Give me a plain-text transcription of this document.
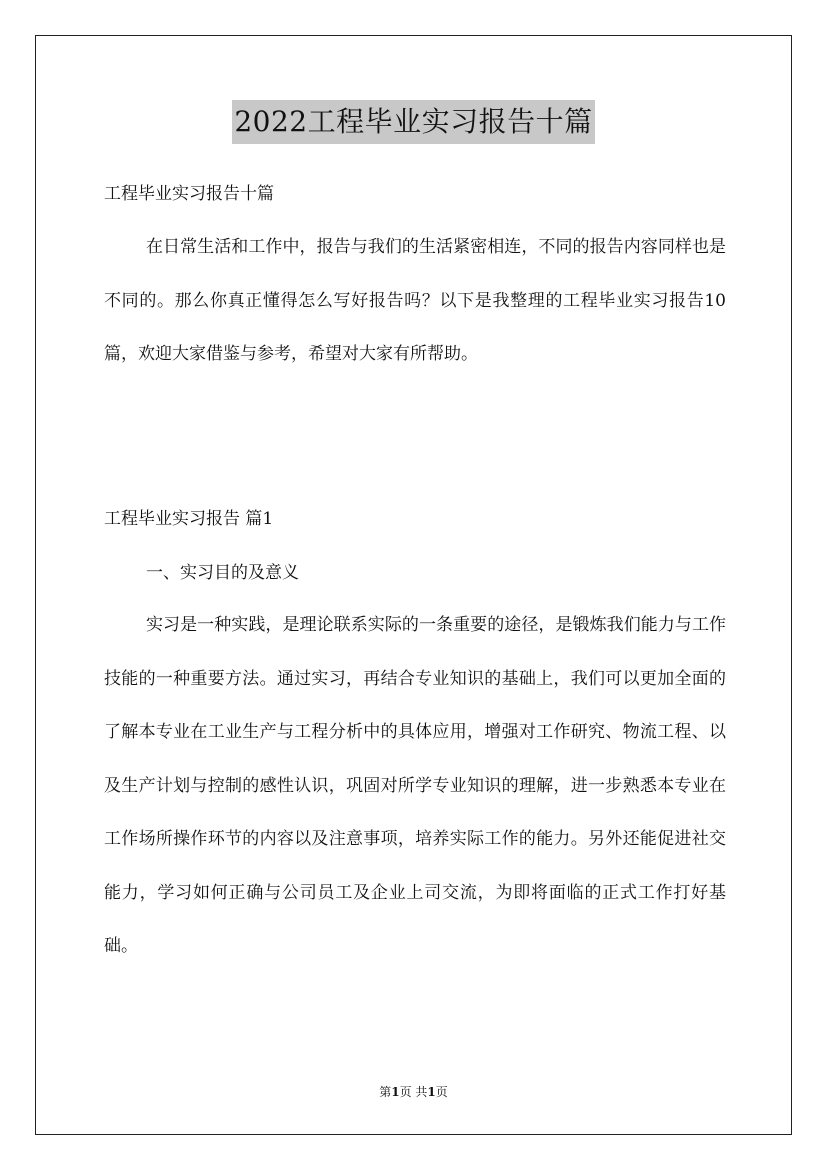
2022工程毕业实习报告十篇
工程毕业实习报告十篇

在日常生活和工作中，报告与我们的生活紧密相连，不同的报告内容同样也是不同的。那么你真正懂得怎么写好报告吗？以下是我整理的工程毕业实习报告10篇，欢迎大家借鉴与参考，希望对大家有所帮助。

工程毕业实习报告 篇1
一、实习目的及意义

实习是一种实践，是理论联系实际的一条重要的途径，是锻炼我们能力与工作技能的一种重要方法。通过实习，再结合专业知识的基础上，我们可以更加全面的了解本专业在工业生产与工程分析中的具体应用，增强对工作研究、物流工程、以及生产计划与控制的感性认识，巩固对所学专业知识的理解，进一步熟悉本专业在工作场所操作环节的内容以及注意事项，培养实际工作的能力。另外还能促进社交能力，学习如何正确与公司员工及企业上司交流，为即将面临的正式工作打好基础。

第1页 共1页
